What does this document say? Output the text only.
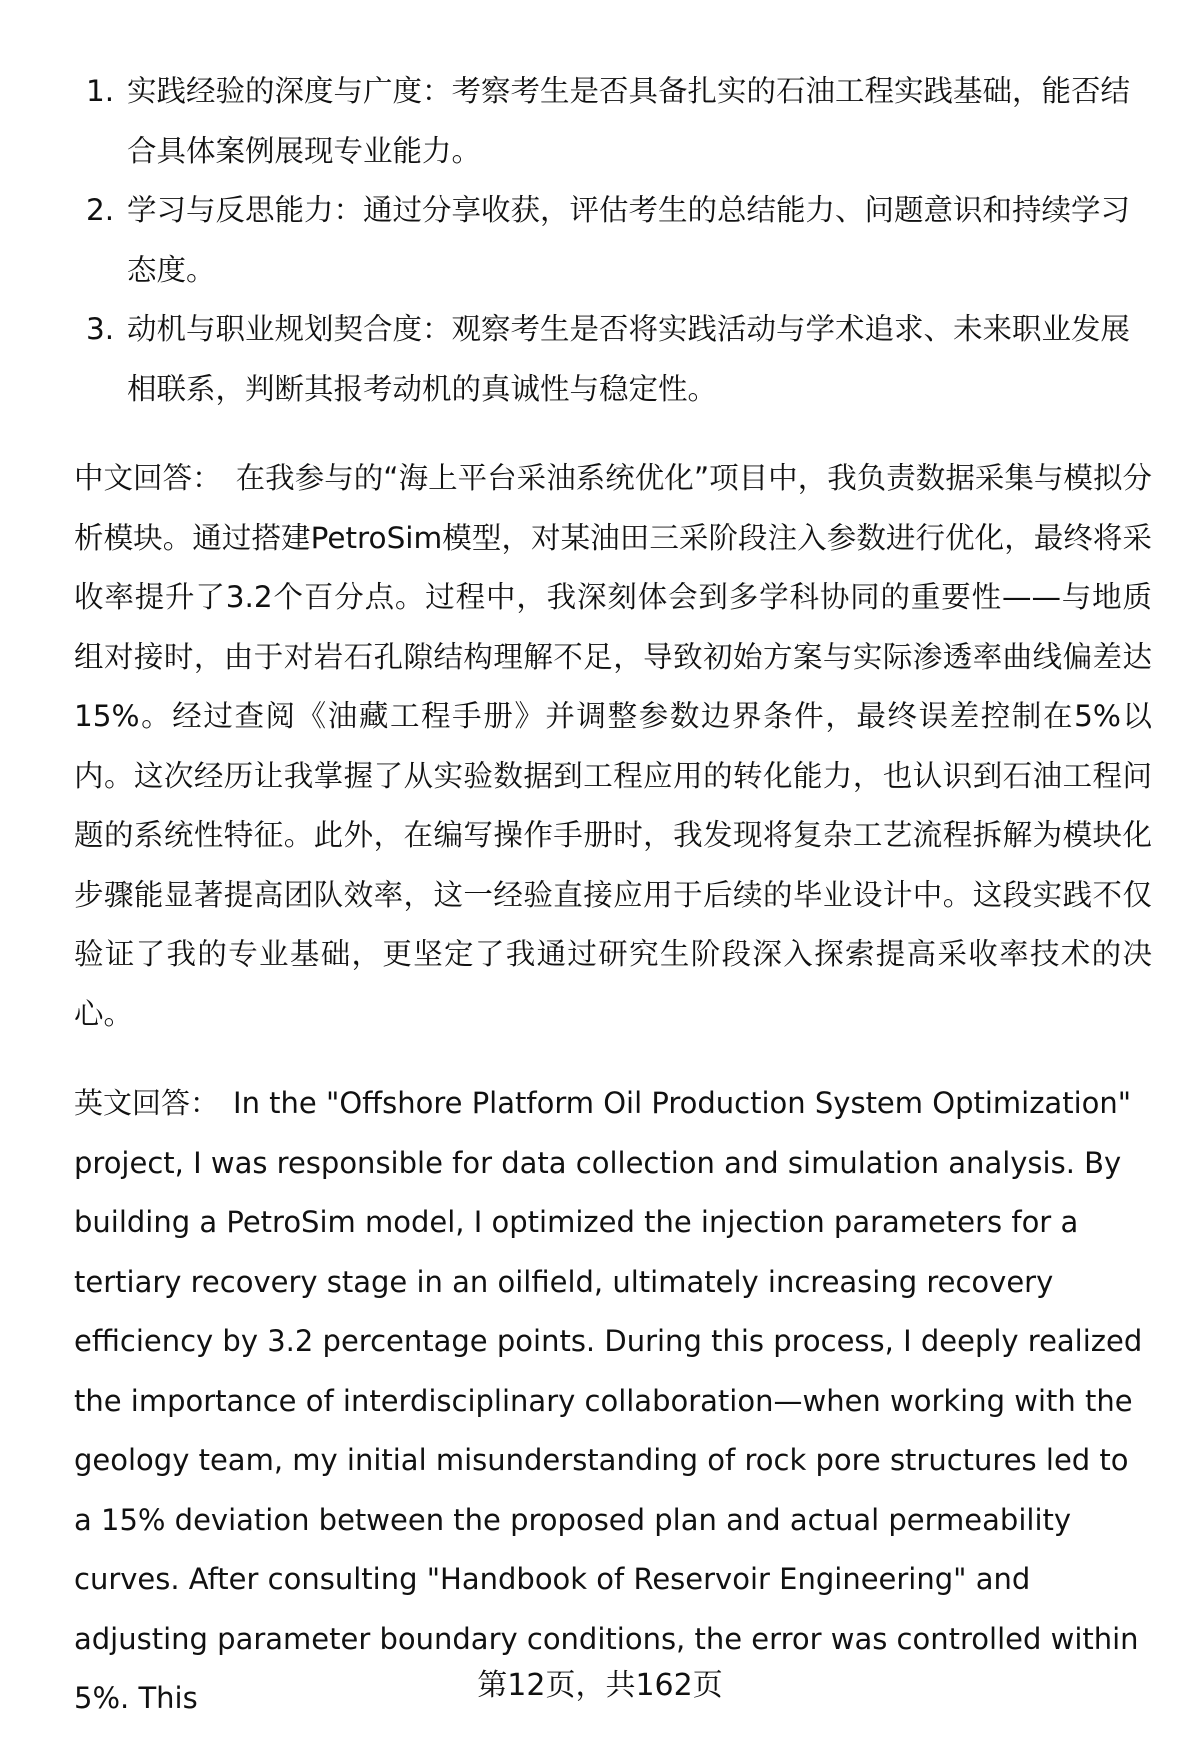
1. 实践经验的深度与广度：考察考生是否具备扎实的石油工程实践基础，能否结合具体案例展现专业能力。
2. 学习与反思能力：通过分享收获，评估考生的总结能力、问题意识和持续学习态度。
3. 动机与职业规划契合度：观察考生是否将实践活动与学术追求、未来职业发展相联系，判断其报考动机的真诚性与稳定性。

中文回答： 在我参与的“海上平台采油系统优化”项目中，我负责数据采集与模拟分析模块。通过搭建PetroSim模型，对某油田三采阶段注入参数进行优化，最终将采收率提升了3.2个百分点。过程中，我深刻体会到多学科协同的重要性——与地质组对接时，由于对岩石孔隙结构理解不足，导致初始方案与实际渗透率曲线偏差达15%。经过查阅《油藏工程手册》并调整参数边界条件，最终误差控制在5%以内。这次经历让我掌握了从实验数据到工程应用的转化能力，也认识到石油工程问题的系统性特征。此外，在编写操作手册时，我发现将复杂工艺流程拆解为模块化步骤能显著提高团队效率，这一经验直接应用于后续的毕业设计中。这段实践不仅验证了我的专业基础，更坚定了我通过研究生阶段深入探索提高采收率技术的决心。

英文回答： In the "Offshore Platform Oil Production System Optimization" project, I was responsible for data collection and simulation analysis. By building a PetroSim model, I optimized the injection parameters for a tertiary recovery stage in an oilfield, ultimately increasing recovery efficiency by 3.2 percentage points. During this process, I deeply realized the importance of interdisciplinary collaboration—when working with the geology team, my initial misunderstanding of rock pore structures led to a 15% deviation between the proposed plan and actual permeability curves. After consulting "Handbook of Reservoir Engineering" and adjusting parameter boundary conditions, the error was controlled within 5%. This	第12页，共162页
